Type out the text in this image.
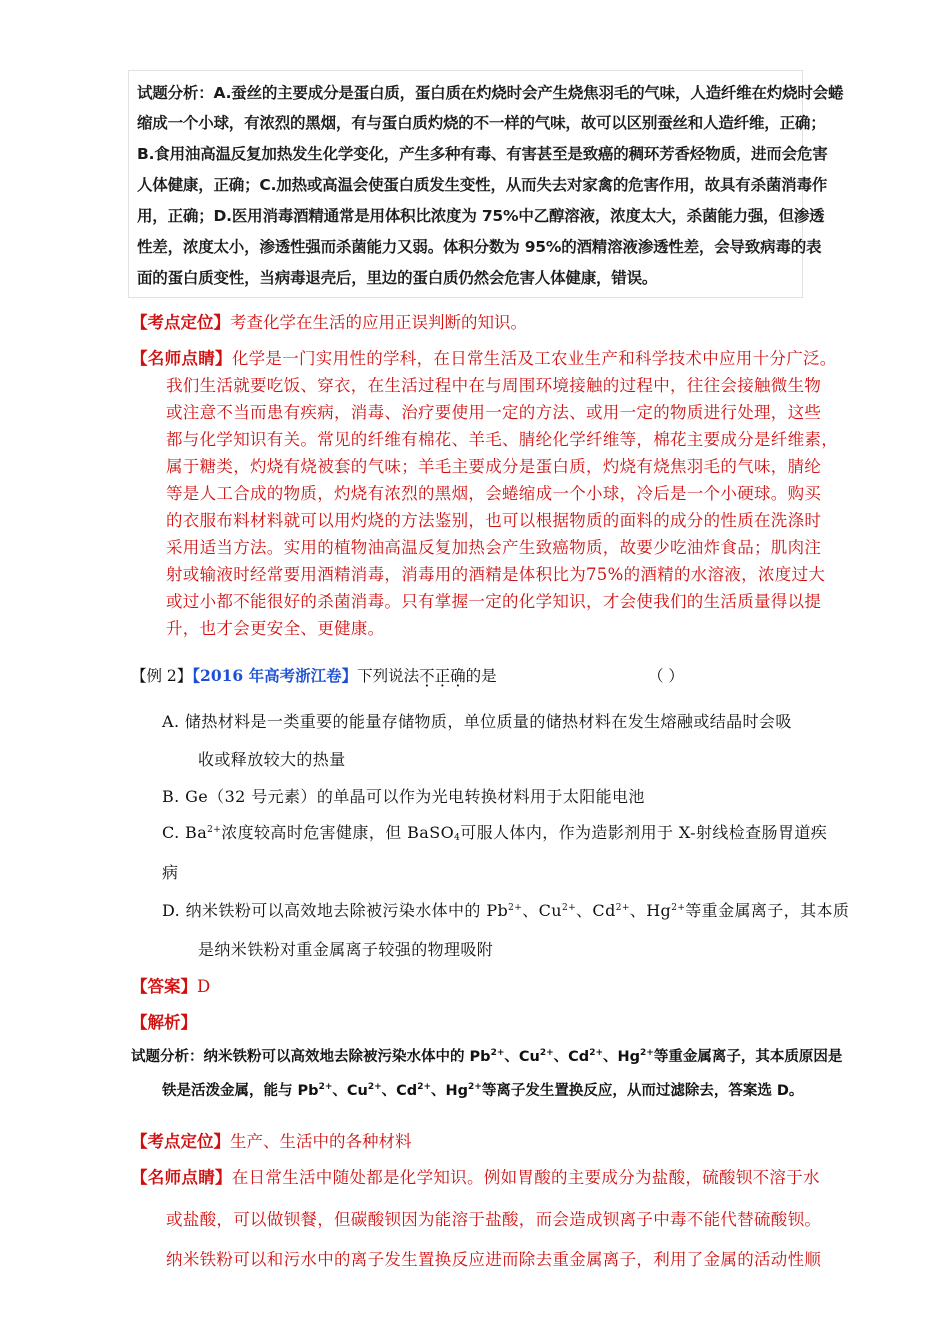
试题分析：A.蚕丝的主要成分是蛋白质，蛋白质在灼烧时会产生烧焦羽毛的气味，人造纤维在灼烧时会蜷
缩成一个小球，有浓烈的黑烟，有与蛋白质灼烧的不一样的气味，故可以区别蚕丝和人造纤维，正确；
B.食用油高温反复加热发生化学变化，产生多种有毒、有害甚至是致癌的稠环芳香烃物质，进而会危害
人体健康，正确；C.加热或高温会使蛋白质发生变性，从而失去对家禽的危害作用，故具有杀菌消毒作
用，正确；D.医用消毒酒精通常是用体积比浓度为 75%中乙醇溶液，浓度太大，杀菌能力强，但渗透
性差，浓度太小，渗透性强而杀菌能力又弱。体积分数为 95%的酒精溶液渗透性差，会导致病毒的表
面的蛋白质变性，当病毒退壳后，里边的蛋白质仍然会危害人体健康，错误。
【考点定位】考查化学在生活的应用正误判断的知识。
【名师点睛】化学是一门实用性的学科，在日常生活及工农业生产和科学技术中应用十分广泛。
我们生活就要吃饭、穿衣，在生活过程中在与周围环境接触的过程中，往往会接触微生物
或注意不当而患有疾病，消毒、治疗要使用一定的方法、或用一定的物质进行处理，这些
都与化学知识有关。常见的纤维有棉花、羊毛、腈纶化学纤维等，棉花主要成分是纤维素，
属于糖类，灼烧有烧被套的气味；羊毛主要成分是蛋白质，灼烧有烧焦羽毛的气味，腈纶
等是人工合成的物质，灼烧有浓烈的黑烟，会蜷缩成一个小球，冷后是一个小硬球。购买
的衣服布料材料就可以用灼烧的方法鉴别，也可以根据物质的面料的成分的性质在洗涤时
采用适当方法。实用的植物油高温反复加热会产生致癌物质，故要少吃油炸食品；肌肉注
射或输液时经常要用酒精消毒，消毒用的酒精是体积比为75%的酒精的水溶液，浓度过大
或过小都不能很好的杀菌消毒。只有掌握一定的化学知识，才会使我们的生活质量得以提
升，也才会更安全、更健康。
【例 2】【2016 年高考浙江卷】下列说法不正确的是	（ ）
A. 储热材料是一类重要的能量存储物质，单位质量的储热材料在发生熔融或结晶时会吸
收或释放较大的热量
B. Ge（32 号元素）的单晶可以作为光电转换材料用于太阳能电池
C. $Ba^{2+}$浓度较高时危害健康，但 BaSO$_4$可服人体内，作为造影剂用于 X-射线检查肠胃道疾
病
D. 纳米铁粉可以高效地去除被污染水体中的 $Pb^{2+}$、$Cu^{2+}$、$Cd^{2+}$、$Hg^{2+}$等重金属离子，其本质
是纳米铁粉对重金属离子较强的物理吸附
【答案】D
【解析】
试题分析：纳米铁粉可以高效地去除被污染水体中的 $Pb^{2+}$、$Cu^{2+}$、$Cd^{2+}$、$Hg^{2+}$等重金属离子，其本质原因是
铁是活泼金属，能与 $Pb^{2+}$、$Cu^{2+}$、$Cd^{2+}$、$Hg^{2+}$等离子发生置换反应，从而过滤除去，答案选 D。
【考点定位】生产、生活中的各种材料
【名师点睛】在日常生活中随处都是化学知识。例如胃酸的主要成分为盐酸，硫酸钡不溶于水
或盐酸，可以做钡餐，但碳酸钡因为能溶于盐酸，而会造成钡离子中毒不能代替硫酸钡。
纳米铁粉可以和污水中的离子发生置换反应进而除去重金属离子，利用了金属的活动性顺
